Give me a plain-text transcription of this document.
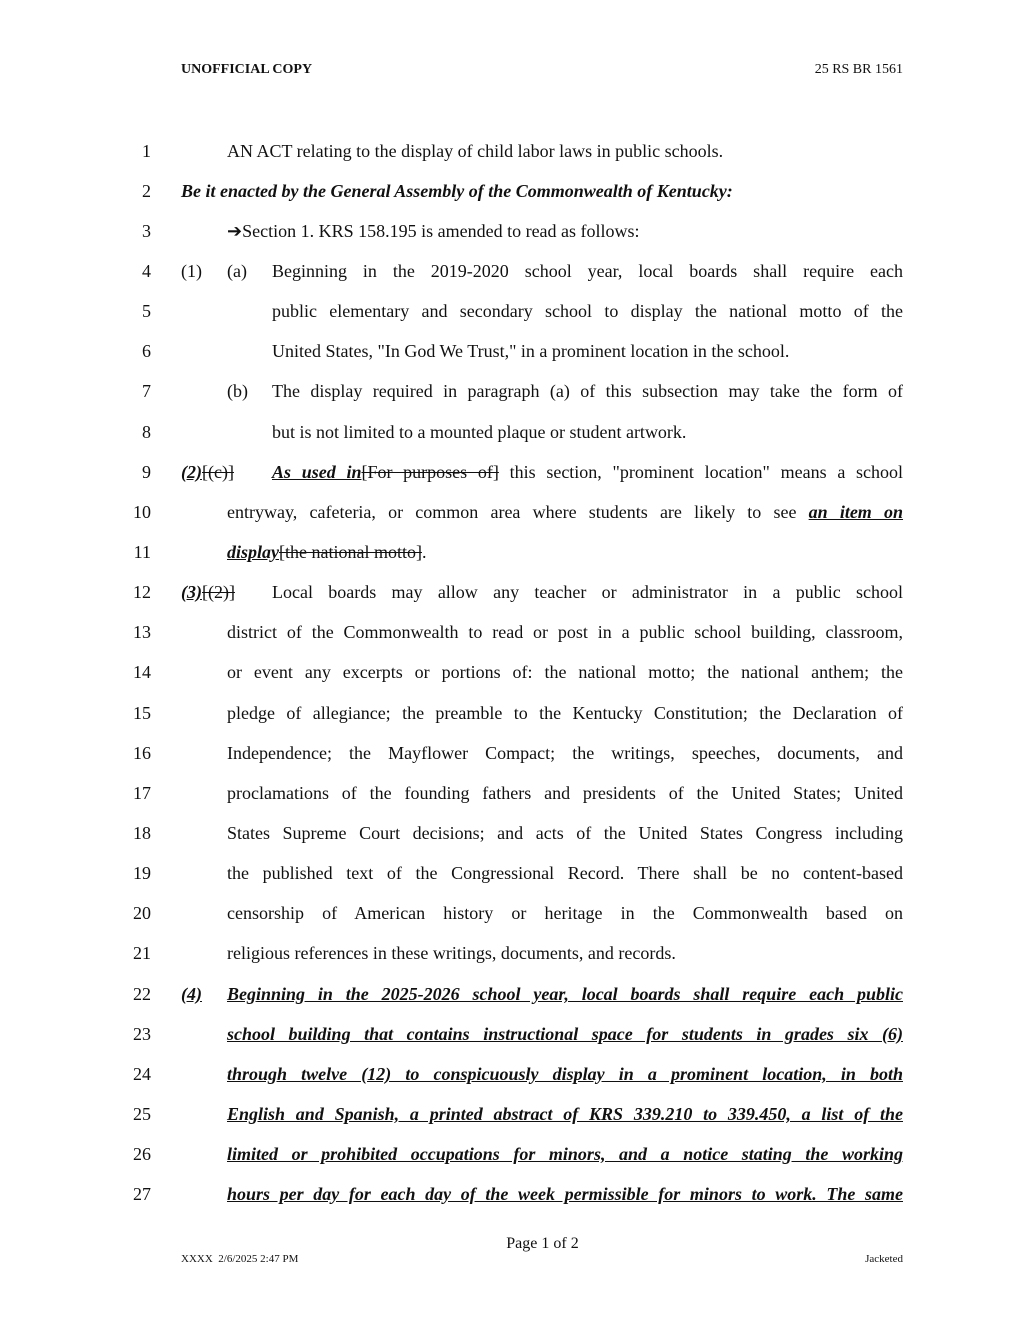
UNOFFICIAL COPY	25 RS BR 1561
1
2
3
4
5
6
7
8
9
10
11
12
13
14
15
16
17
18
19
20
21
22
23
24
25
26
27
AN ACT relating to the display of child labor laws in public schools.
Be it enacted by the General Assembly of the Commonwealth of Kentucky:
➔Section 1. KRS 158.195 is amended to read as follows:
(1) (a) Beginning in the 2019-2020 school year, local boards shall require each
public elementary and secondary school to display the national motto of the
United States, "In God We Trust," in a prominent location in the school.
(b) The display required in paragraph (a) of this subsection may take the form of
but is not limited to a mounted plaque or student artwork.
(2)[(c)] As used in[For purposes of] this section, "prominent location" means a school
entryway, cafeteria, or common area where students are likely to see an item on
display[the national motto].
(3)[(2)] Local boards may allow any teacher or administrator in a public school
district of the Commonwealth to read or post in a public school building, classroom,
or event any excerpts or portions of: the national motto; the national anthem; the
pledge of allegiance; the preamble to the Kentucky Constitution; the Declaration of
Independence; the Mayflower Compact; the writings, speeches, documents, and
proclamations of the founding fathers and presidents of the United States; United
States Supreme Court decisions; and acts of the United States Congress including
the published text of the Congressional Record. There shall be no content-based
censorship of American history or heritage in the Commonwealth based on
religious references in these writings, documents, and records.
(4) Beginning in the 2025-2026 school year, local boards shall require each public
school building that contains instructional space for students in grades six (6)
through twelve (12) to conspicuously display in a prominent location, in both
English and Spanish, a printed abstract of KRS 339.210 to 339.450, a list of the
limited or prohibited occupations for minors, and a notice stating the working
hours per day for each day of the week permissible for minors to work. The same
Page 1 of 2
XXXX 2/6/2025 2:47 PM	Jacketed
